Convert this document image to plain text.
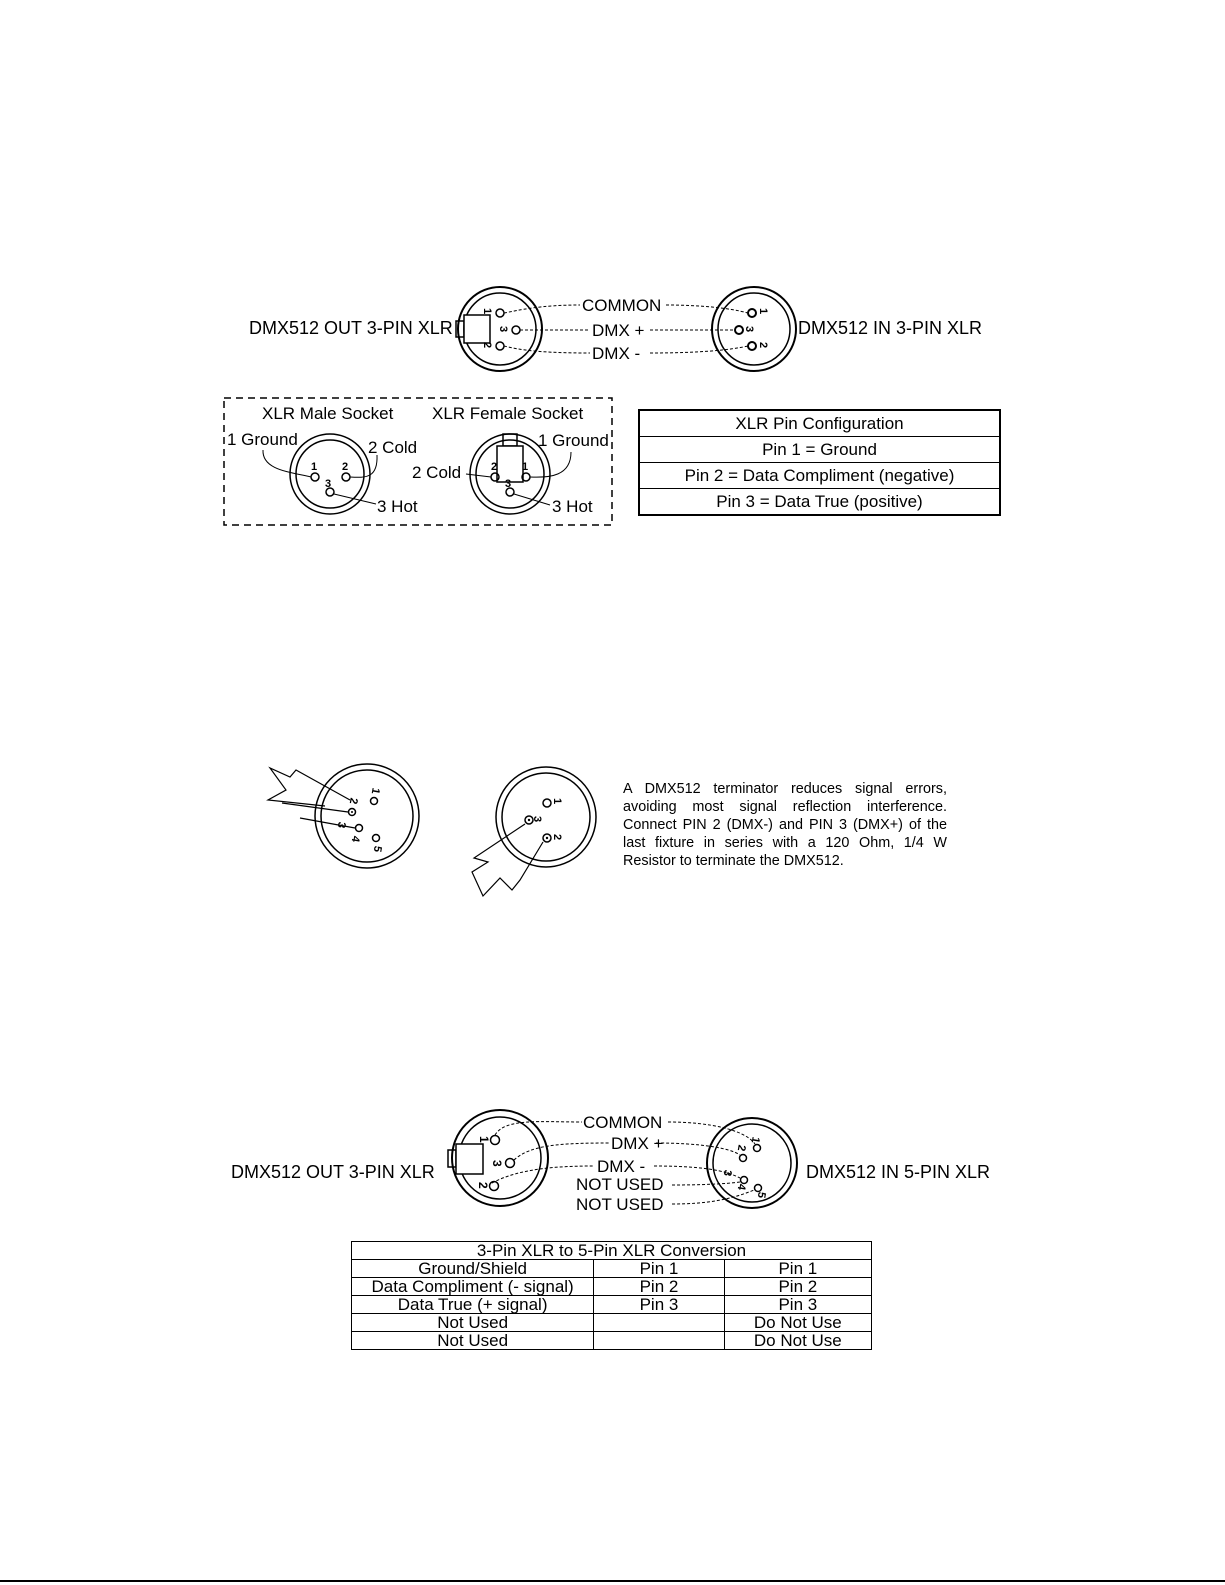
DMX512 OUT 3-PIN XLR	DMX512 IN 3-PIN XLR
1
3
2
1
3
2
COMMON
DMX +
DMX -
1 2
3
2 1
3
XLR Male Socket XLR Female Socket
1 Ground	2 Cold
3 Hot
2 Cold
1 Ground
3 Hot
1
2
3
4
5
1
3
2
1
3
2
1
2
3
4
5
COMMON
DMX +
DMX -
NOT USED
NOT USED
XLR Pin Configuration
Pin 1 = Ground
Pin 2 = Data Compliment (negative)
Pin 3 = Data True (positive)
A DMX512 terminator reduces signal errors, avoiding most signal reflection interference. Connect PIN 2 (DMX-) and PIN 3 (DMX+) of the last fixture in series with a 120 Ohm, 1/4 W Resistor to terminate the DMX512.
DMX512 OUT 3-PIN XLR	DMX512 IN 5-PIN XLR
3-Pin XLR to 5-Pin XLR Conversion		
Ground/Shield	Pin 1	Pin 1
Data Compliment (- signal)	Pin 2	Pin 2
Data True (+ signal)	Pin 3	Pin 3
Not Used		Do Not Use
Not Used		Do Not Use
